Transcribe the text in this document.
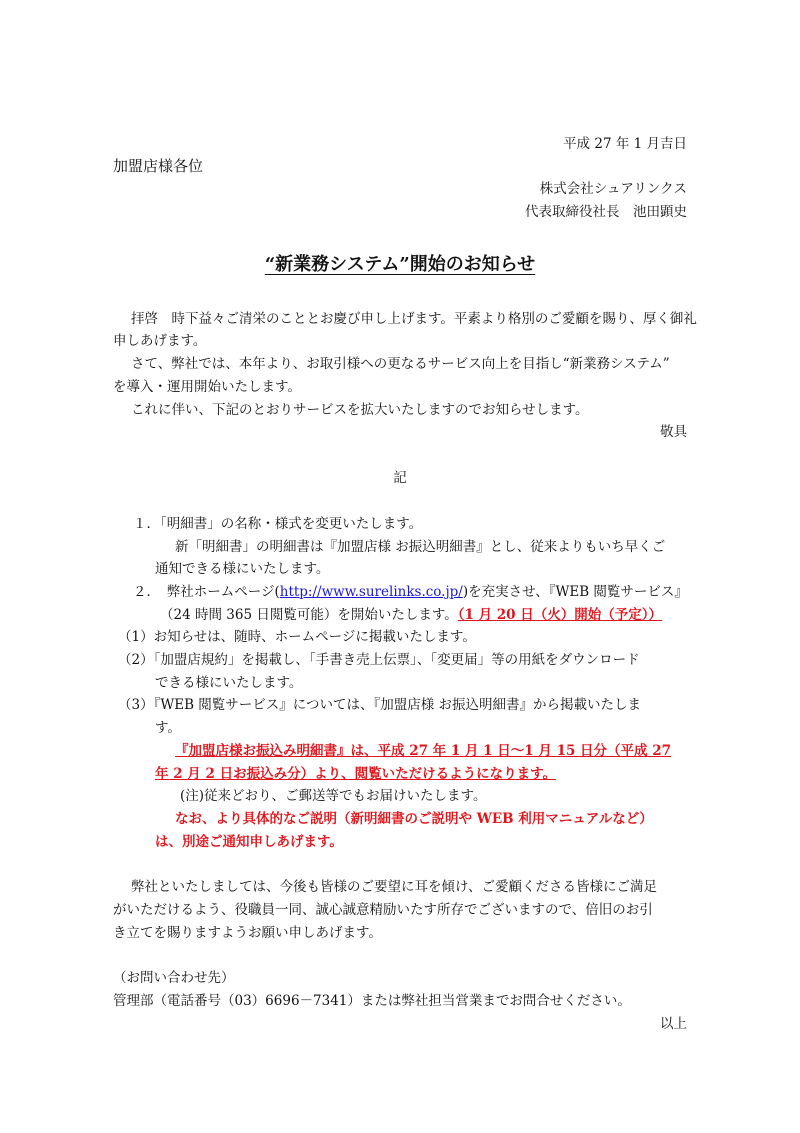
平成 27 年 1 月吉日
加盟店様各位
株式会社シュアリンクス
代表取締役社長　池田顕史
“新業務システム”開始のお知らせ
拝啓　時下益々ご清栄のこととお慶び申し上げます。平素より格別のご愛顧を賜り、厚く御礼
申しあげます。
さて、弊社では、本年より、お取引様への更なるサービス向上を目指し“新業務システム”
を導入・運用開始いたします。
これに伴い、下記のとおりサービスを拡大いたしますのでお知らせします。
敬具
記
１．「明細書」の名称・様式を変更いたします。
新「明細書」の明細書は『加盟店様 お振込明細書』とし、従来よりもいち早くご
通知できる様にいたします。
２．　弊社ホームページ(http://www.surelinks.co.jp/)を充実させ、『WEB 閲覧サービス』
（24 時間 365 日閲覧可能）を開始いたします。（1 月 20 日（火）開始（予定））
（1）お知らせは、随時、ホームページに掲載いたします。
（2）「加盟店規約」を掲載し、「手書き売上伝票」、「変更届」等の用紙をダウンロード
できる様にいたします。
（3）『WEB 閲覧サービス』については、『加盟店様 お振込明細書』から掲載いたしま
す。
『加盟店様お振込み明細書』は、平成 27 年 1 月 1 日～1 月 15 日分（平成 27
年 2 月 2 日お振込み分）より、閲覧いただけるようになります。
(注)従来どおり、ご郵送等でもお届けいたします。
なお、より具体的なご説明（新明細書のご説明や WEB 利用マニュアルなど）
は、別途ご通知申しあげます。
弊社といたしましては、今後も皆様のご要望に耳を傾け、ご愛顧くださる皆様にご満足
がいただけるよう、役職員一同、誠心誠意精励いたす所存でございますので、倍旧のお引
き立てを賜りますようお願い申しあげます。
（お問い合わせ先）
管理部（電話番号（03）6696－7341）または弊社担当営業までお問合せください。
以上
